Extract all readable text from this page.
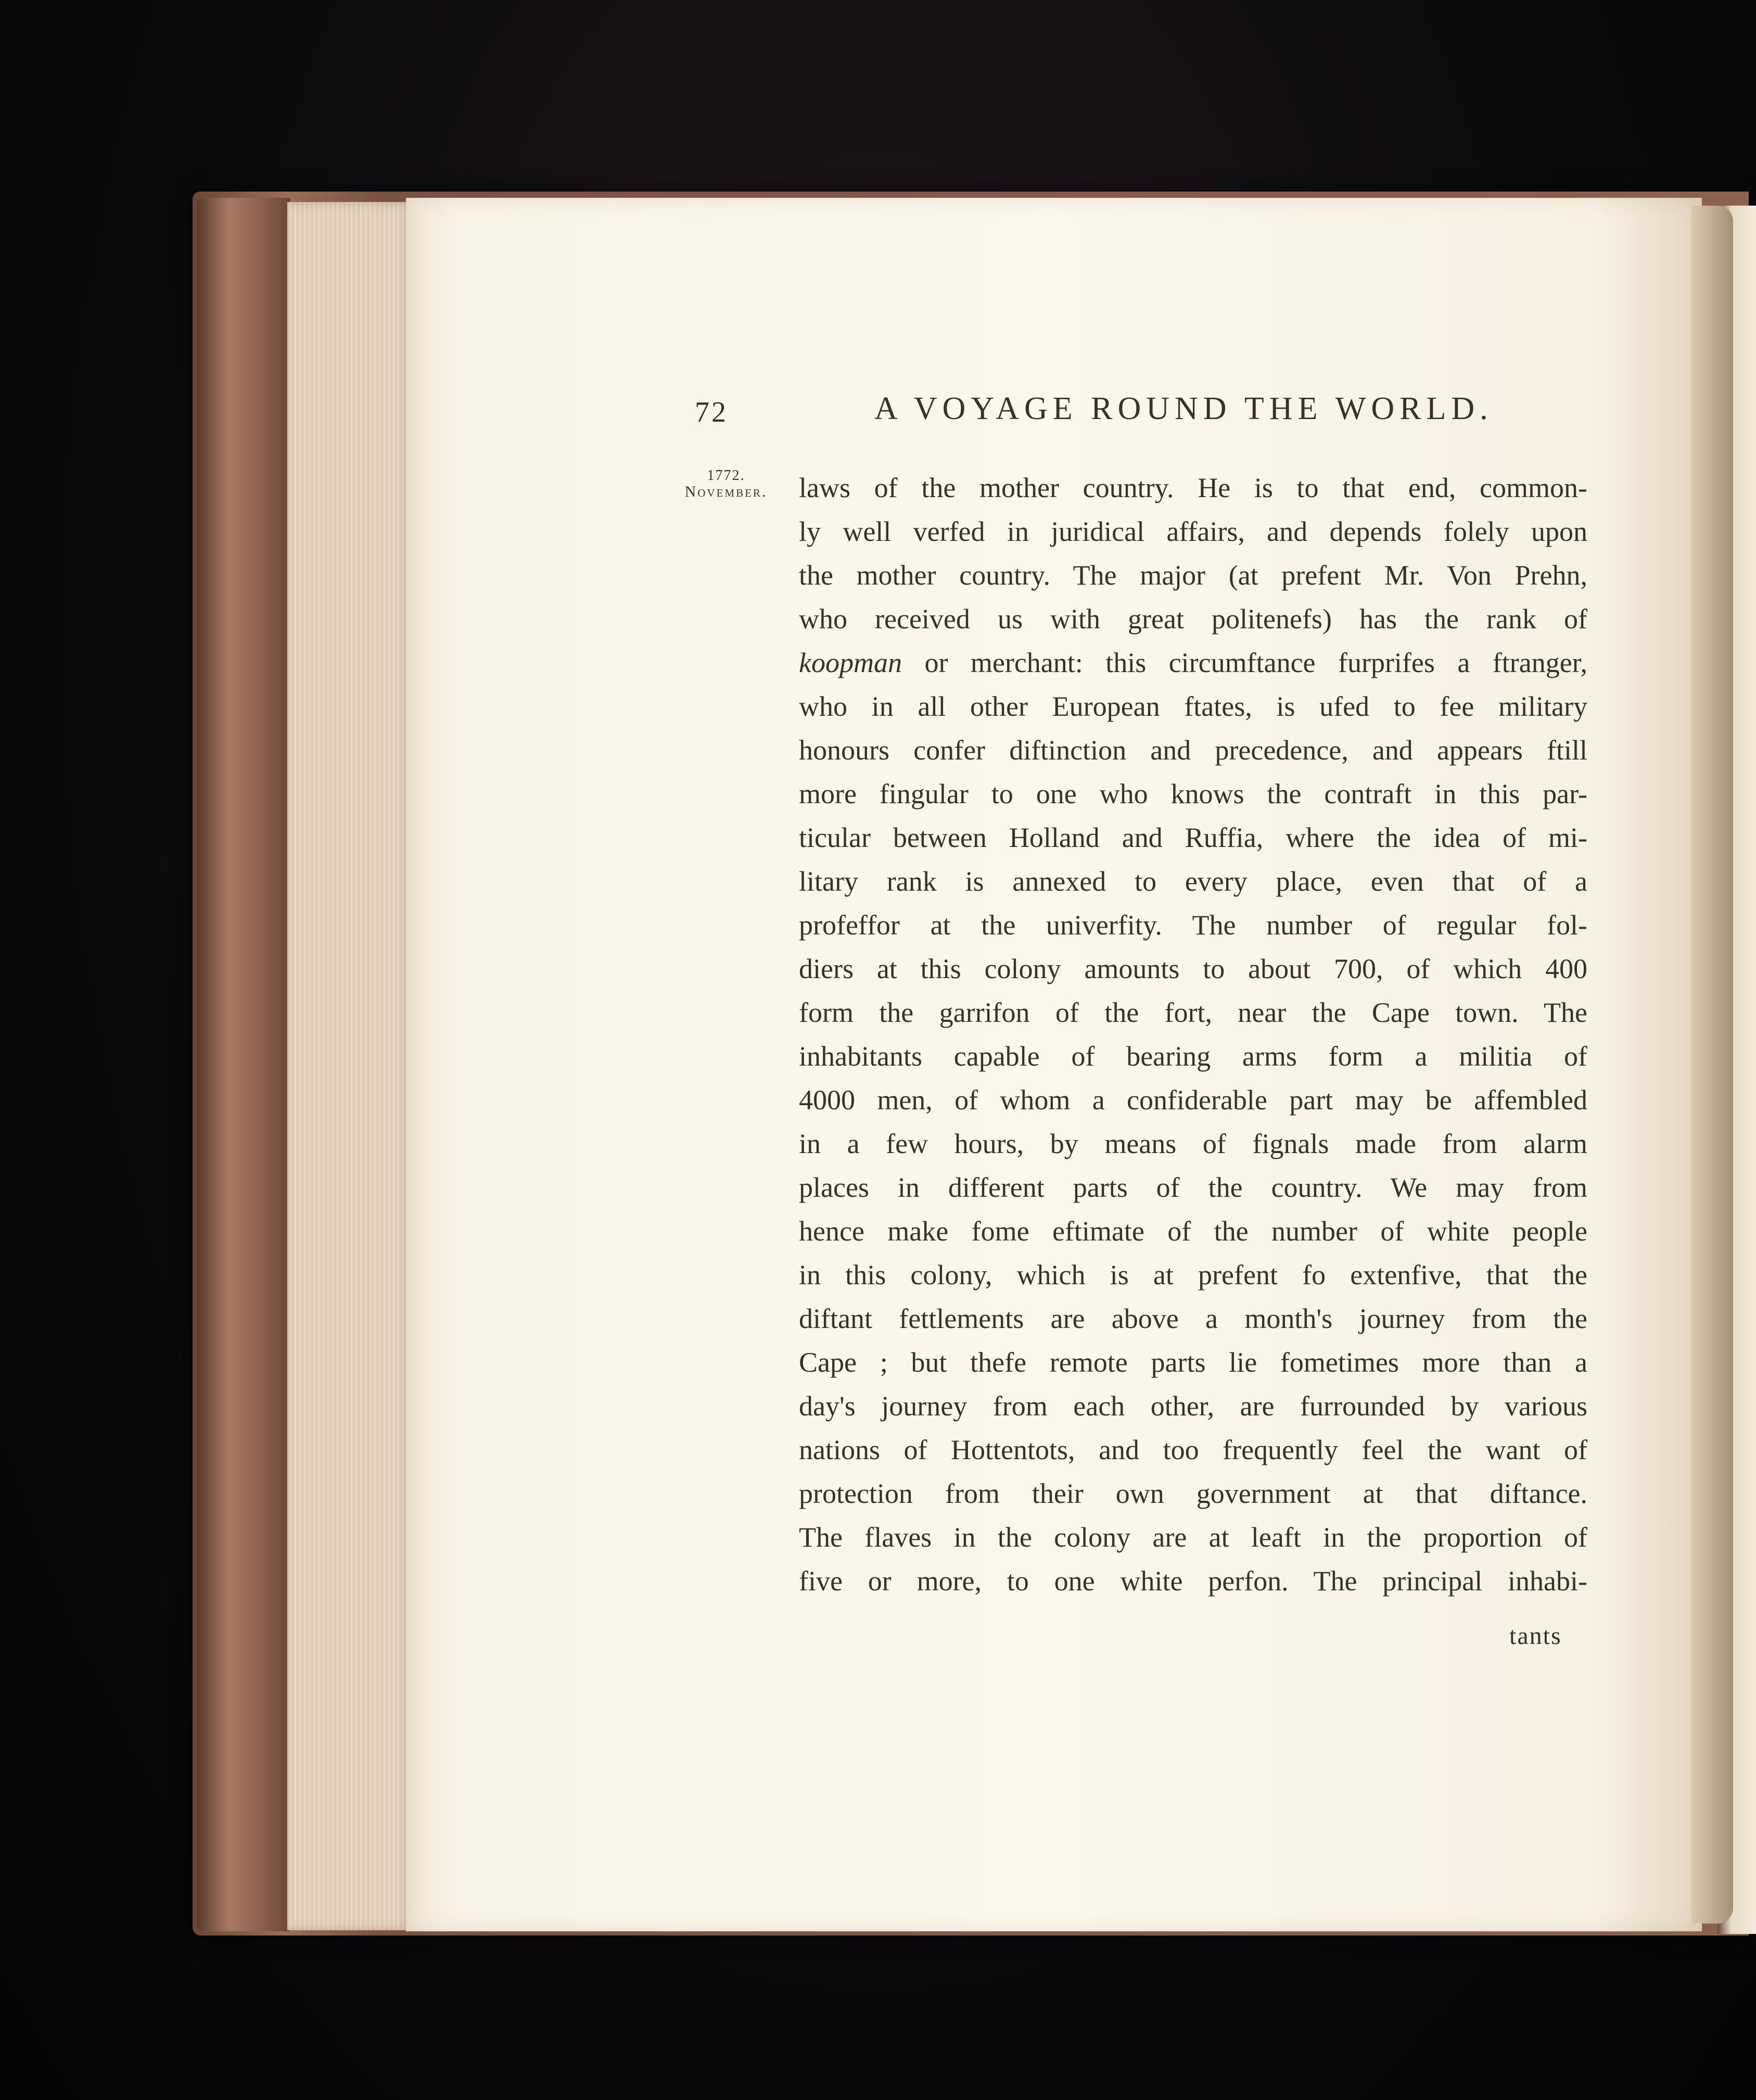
72	A VOYAGE ROUND THE WORLD.
1772.
November. laws of the mother country. He is to that end, common-
ly well verfed in juridical affairs, and depends folely upon
the mother country. The major (at prefent Mr. Von Prehn,
who received us with great politenefs) has the rank of
koopman or merchant: this circumftance furprifes a ftranger,
who in all other European ftates, is ufed to fee military
honours confer diftinction and precedence, and appears ftill
more fingular to one who knows the contraft in this par-
ticular between Holland and Ruffia, where the idea of mi-
litary rank is annexed to every place, even that of a
profeffor at the univerfity. The number of regular fol-
diers at this colony amounts to about 700, of which 400
form the garrifon of the fort, near the Cape town. The
inhabitants capable of bearing arms form a militia of
4000 men, of whom a confiderable part may be affembled
in a few hours, by means of fignals made from alarm
places in different parts of the country. We may from
hence make fome eftimate of the number of white people
in this colony, which is at prefent fo extenfive, that the
diftant fettlements are above a month's journey from the
Cape ; but thefe remote parts lie fometimes more than a
day's journey from each other, are furrounded by various
nations of Hottentots, and too frequently feel the want of
protection from their own government at that diftance.
The flaves in the colony are at leaft in the proportion of
five or more, to one white perfon. The principal inhabi-
tants
